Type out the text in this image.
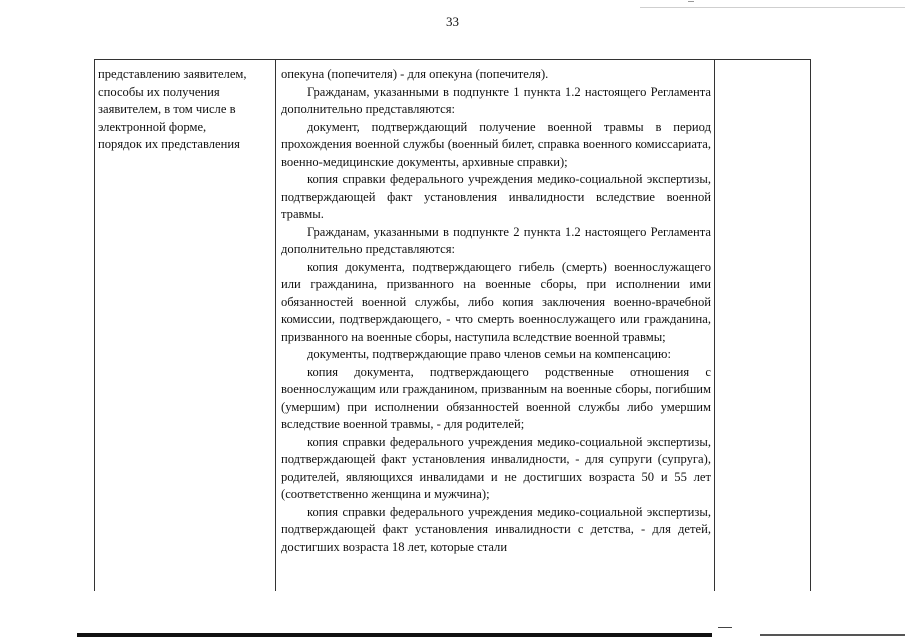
33

представлению заявителем,

способы их получения

заявителем, в том числе в

электронной форме,

порядок их представления

опекуна (попечителя) - для опекуна (попечителя).

Гражданам, указанными в подпункте 1 пункта 1.2 настоящего Регламента дополнительно представляются:

документ, подтверждающий получение военной травмы в период прохождения военной службы (военный билет, справка военного комиссариата, военно-медицинские документы, архивные справки);

копия справки федерального учреждения медико-социальной экспертизы, подтверждающей факт установления инвалидности вследствие военной травмы.

Гражданам, указанными в подпункте 2 пункта 1.2 настоящего Регламента дополнительно представляются:

копия документа, подтверждающего гибель (смерть) военнослужащего или гражданина, призванного на военные сборы, при исполнении ими обязанностей военной службы, либо копия заключения военно-врачебной комиссии, подтверждающего, - что смерть военнослужащего или гражданина, призванного на военные сборы, наступила вследствие военной травмы;

документы, подтверждающие право членов семьи на компенсацию:

копия документа, подтверждающего родственные отношения с военнослужащим или гражданином, призванным на военные сборы, погибшим (умершим) при исполнении обязанностей военной службы либо умершим вследствие военной травмы, - для родителей;

копия справки федерального учреждения медико-социальной экспертизы, подтверждающей факт установления инвалидности, - для супруги (супруга), родителей, являющихся инвалидами и не достигших возраста 50 и 55 лет (соответственно женщина и мужчина);

копия справки федерального учреждения медико-социальной экспертизы, подтверждающей факт установления инвалидности с детства, - для детей, достигших возраста 18 лет, которые стали
